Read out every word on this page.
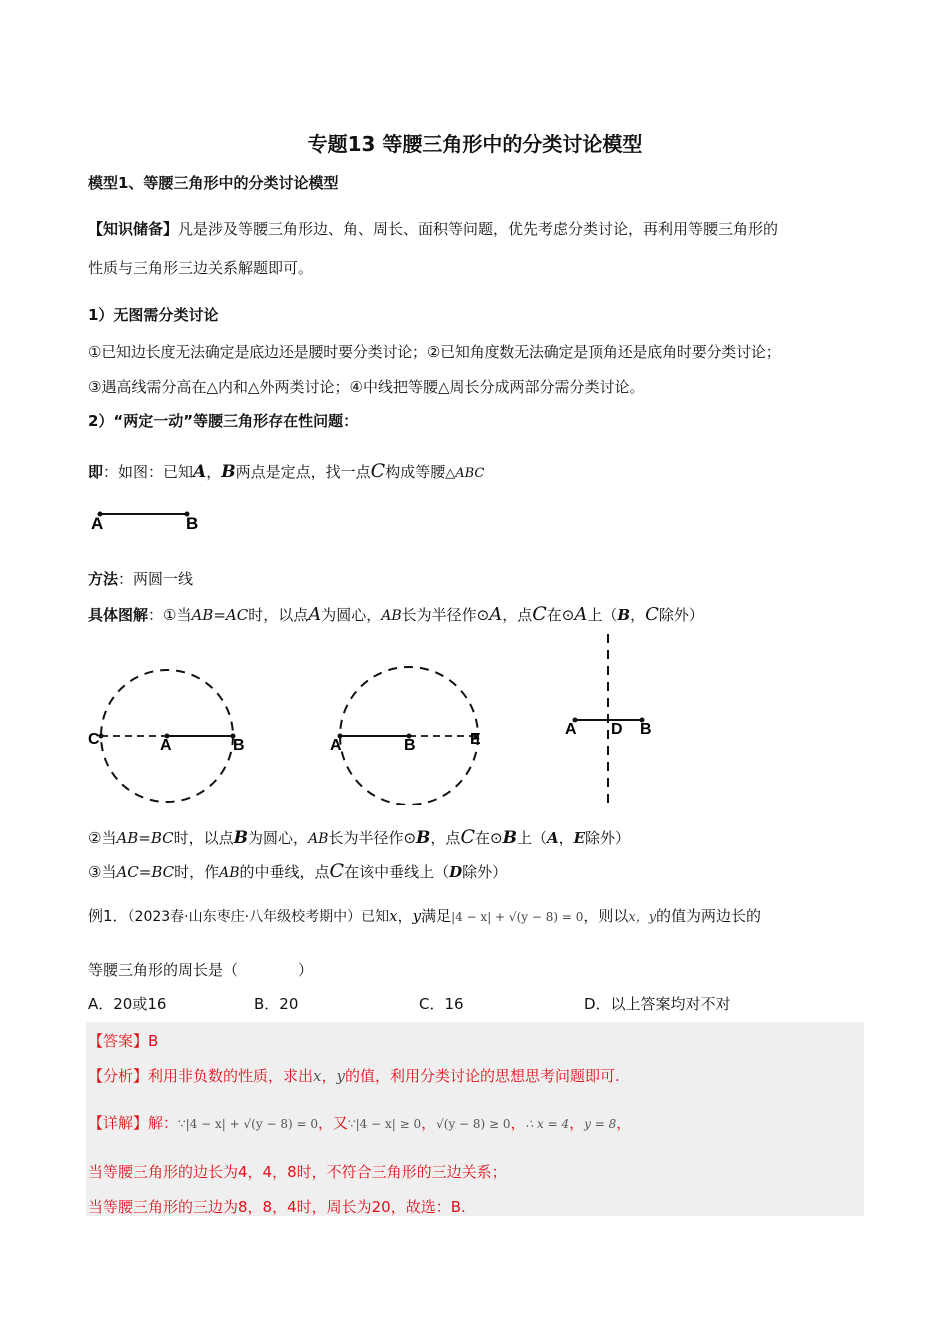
专题13 等腰三角形中的分类讨论模型
模型1、等腰三角形中的分类讨论模型
【知识储备】凡是涉及等腰三角形边、角、周长、面积等问题，优先考虑分类讨论，再利用等腰三角形的
性质与三角形三边关系解题即可。
1）无图需分类讨论
①已知边长度无法确定是底边还是腰时要分类讨论；②已知角度数无法确定是顶角还是底角时要分类讨论；
③遇高线需分高在△内和△外两类讨论；④中线把等腰△周长分成两部分需分类讨论。
2）“两定一动”等腰三角形存在性问题：
即：如图：已知A，B两点是定点，找一点C构成等腰△ABC
A	B
方法：两圆一线
具体图解：①当AB=AC时，以点A为圆心，AB长为半径作⊙A，点C在⊙A上（B，C除外）
C	A	B	A	B	E
A D B
②当AB=BC时，以点B为圆心，AB长为半径作⊙B，点C在⊙B上（A，E除外）
③当AC=BC时，作AB的中垂线，点C在该中垂线上（D除外）
例1．（2023春·山东枣庄·八年级校考期中）已知x，y满足|4 − x| + √(y − 8) = 0，则以x，y的值为两边长的
等腰三角形的周长是（　　　　）
A．20或16	B．20	C．16	D．以上答案均对不对
【答案】B
【分析】利用非负数的性质，求出x，y的值，利用分类讨论的思想思考问题即可.
【详解】解：∵|4 − x| + √(y − 8) = 0，又∵|4 − x| ≥ 0，√(y − 8) ≥ 0，∴ x = 4，y = 8，
当等腰三角形的边长为4，4，8时，不符合三角形的三边关系；
当等腰三角形的三边为8，8，4时，周长为20，故选：B.
